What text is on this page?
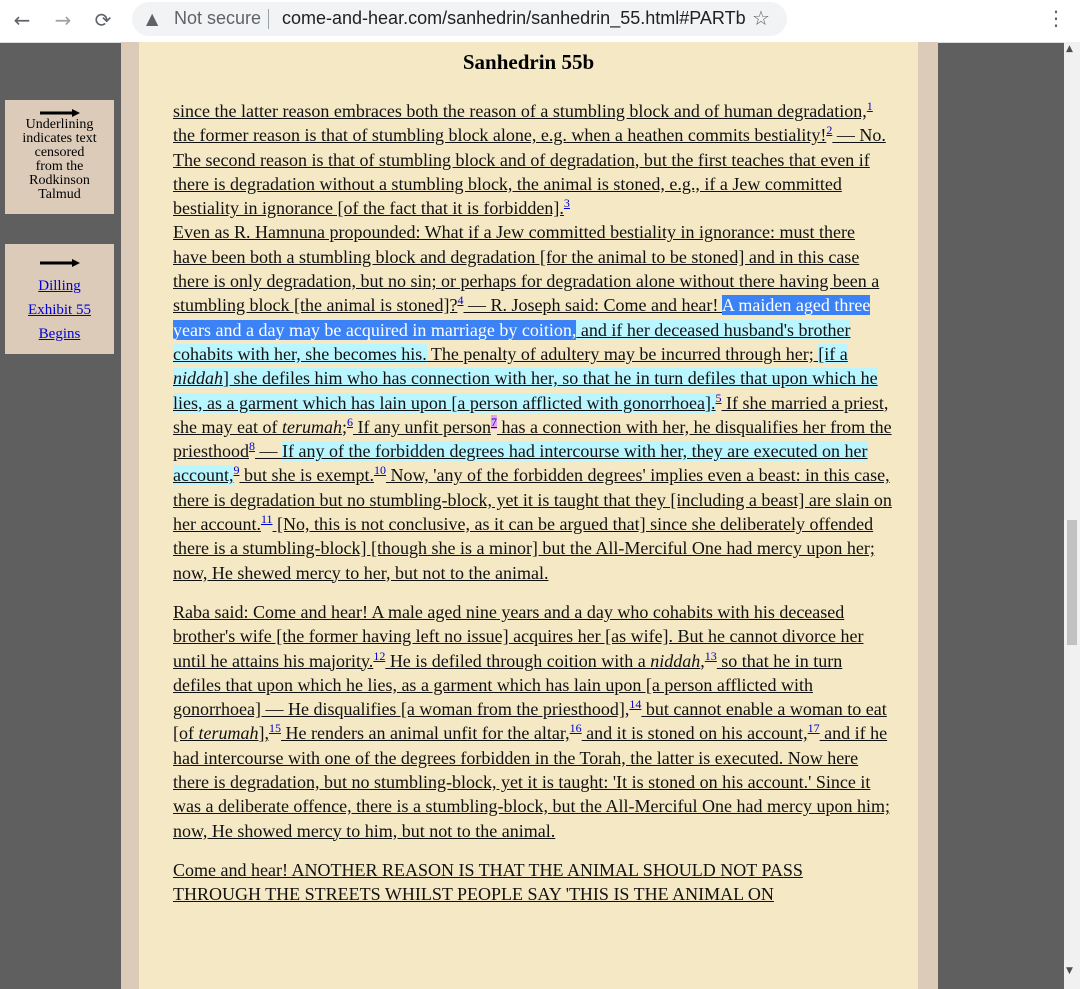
←	→	⟳	▲ Not secure come-and-hear.com/sanhedrin/sanhedrin_55.html#PARTb ☆	⋮
Underlining
indicates text
censored
from the
Rodkinson
Talmud
Dilling
Exhibit 55
Begins
Sanhedrin 55b

since the latter reason embraces both the reason of a stumbling block and of human degradation,$^1$ the former reason is that of stumbling block alone, e.g. when a heathen commits bestiality!$^2$ — No. The second reason is that of stumbling block and of degradation, but the first teaches that even if there is degradation without a stumbling block, the animal is stoned, e.g., if a Jew committed bestiality in ignorance [of the fact that it is forbidden].$^3$
Even as R. Hamnuna propounded: What if a Jew committed bestiality in ignorance: must there have been both a stumbling block and degradation [for the animal to be stoned] and in this case there is only degradation, but no sin; or perhaps for degradation alone without there having been a stumbling block [the animal is stoned]?$^4$ — R. Joseph said: Come and hear! A maiden aged three years and a day may be acquired in marriage by coition, and if her deceased husband's brother cohabits with her, she becomes his. The penalty of adultery may be incurred through her; [if a niddah] she defiles him who has connection with her, so that he in turn defiles that upon which he lies, as a garment which has lain upon [a person afflicted with gonorrhoea].$^5$ If she married a priest, she may eat of terumah;$^6$ If any unfit person$^7$ has a connection with her, he disqualifies her from the priesthood$^8$ — If any of the forbidden degrees had intercourse with her, they are executed on her account,$^9$ but she is exempt.$^{10}$ Now, 'any of the forbidden degrees' implies even a beast: in this case, there is degradation but no stumbling-block, yet it is taught that they [including a beast] are slain on her account.$^{11}$ [No, this is not conclusive, as it can be argued that] since she deliberately offended there is a stumbling-block] [though she is a minor] but the All-Merciful One had mercy upon her; now, He shewed mercy to her, but not to the animal.

Raba said: Come and hear! A male aged nine years and a day who cohabits with his deceased brother's wife [the former having left no issue] acquires her [as wife]. But he cannot divorce her until he attains his majority.$^{12}$ He is defiled through coition with a niddah,$^{13}$ so that he in turn defiles that upon which he lies, as a garment which has lain upon [a person afflicted with gonorrhoea] — He disqualifies [a woman from the priesthood],$^{14}$ but cannot enable a woman to eat [of terumah],$^{15}$ He renders an animal unfit for the altar,$^{16}$ and it is stoned on his account,$^{17}$ and if he had intercourse with one of the degrees forbidden in the Torah, the latter is executed. Now here there is degradation, but no stumbling-block, yet it is taught: 'It is stoned on his account.' Since it was a deliberate offence, there is a stumbling-block, but the All-Merciful One had mercy upon him; now, He showed mercy to him, but not to the animal.

Come and hear! ANOTHER REASON IS THAT THE ANIMAL SHOULD NOT PASS THROUGH THE STREETS WHILST PEOPLE SAY 'THIS IS THE ANIMAL ON

▲
▼
